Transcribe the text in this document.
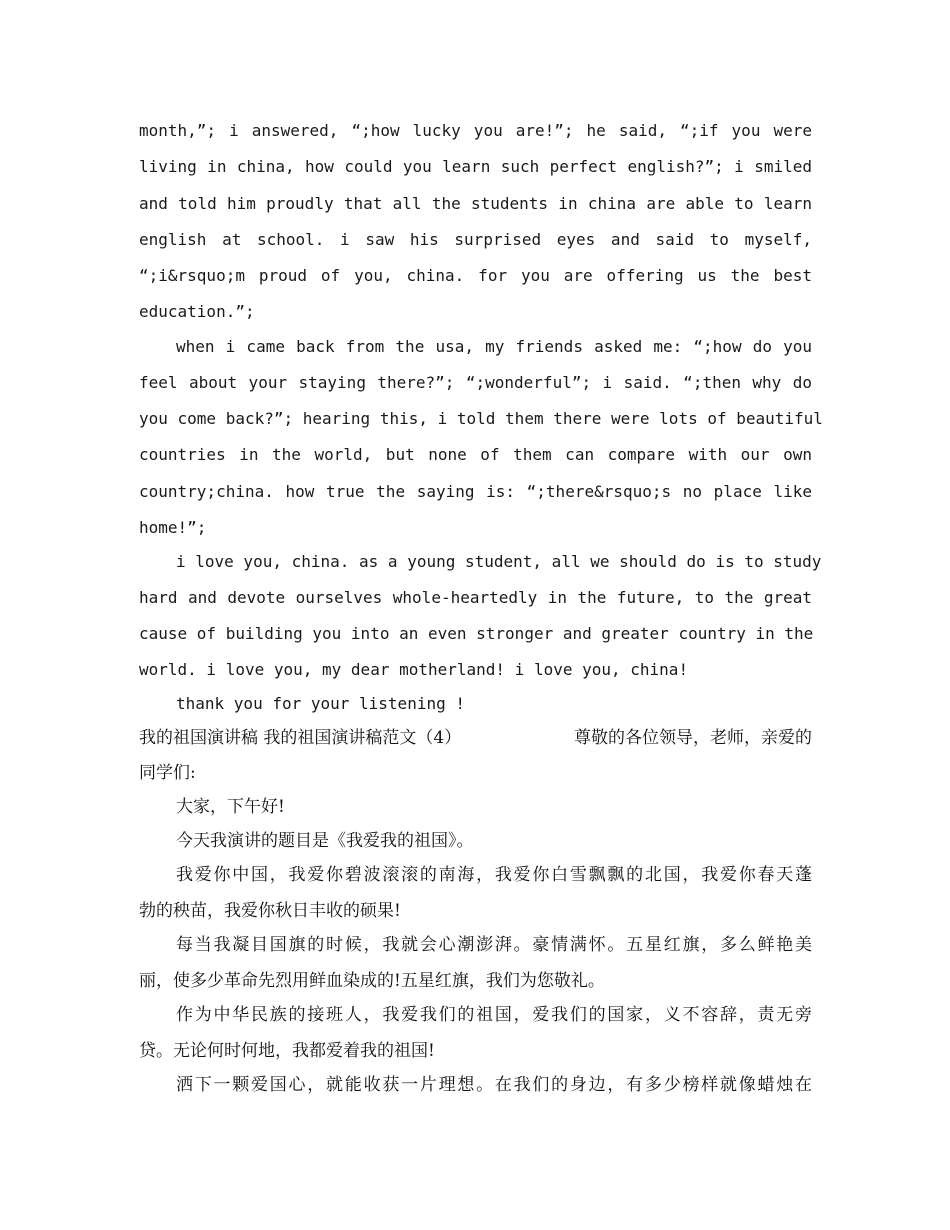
month,”; i answered, “;how lucky you are!”; he said, “;if you were
living in china, how could you learn such perfect english?”; i smiled
and told him proudly that all the students in china are able to learn
english at school. i saw his surprised eyes and said to myself,
“;i&rsquo;m proud of you, china. for you are offering us the best
education.”;
when i came back from the usa, my friends asked me: “;how do you
feel about your staying there?”; “;wonderful”; i said. “;then why do
you come back?”; hearing this, i told them there were lots of beautiful
countries in the world, but none of them can compare with our own
country;china. how true the saying is: “;there&rsquo;s no place like
home!”;
i love you, china. as a young student, all we should do is to study
hard and devote ourselves whole-heartedly in the future, to the great
cause of building you into an even stronger and greater country in the
world. i love you, my dear motherland! i love you, china!
thank you for your listening !
我的祖国演讲稿 我的祖国演讲稿范文（4）	尊敬的各位领导，老师，亲爱的
同学们:
大家，下午好!
今天我演讲的题目是《我爱我的祖国》。
我爱你中国，我爱你碧波滚滚的南海，我爱你白雪飘飘的北国，我爱你春天蓬
勃的秧苗，我爱你秋日丰收的硕果!
每当我凝目国旗的时候，我就会心潮澎湃。豪情满怀。五星红旗，多么鲜艳美
丽，使多少革命先烈用鲜血染成的!五星红旗，我们为您敬礼。
作为中华民族的接班人，我爱我们的祖国，爱我们的国家，义不容辞，责无旁
贷。无论何时何地，我都爱着我的祖国!
洒下一颗爱国心，就能收获一片理想。在我们的身边，有多少榜样就像蜡烛在
